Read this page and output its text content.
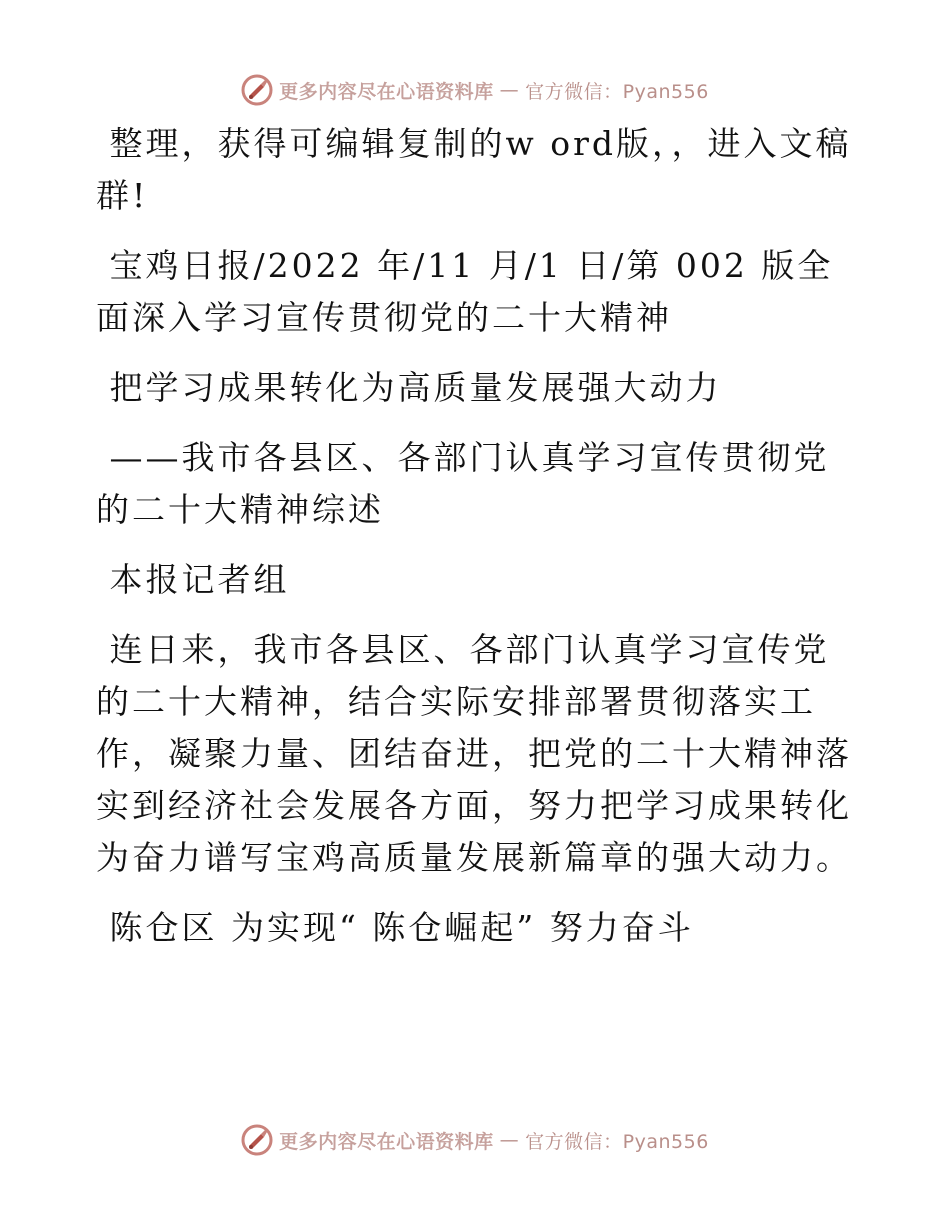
更多内容尽在心语资料库 — 官方微信：Pyan556

整理，获得可编辑复制的w ord版，，进入文稿群!

宝鸡日报/2022 年/11 月/1 日/第 002 版全面深入学习宣传贯彻党的二十大精神

把学习成果转化为高质量发展强大动力

——我市各县区、各部门认真学习宣传贯彻党的二十大精神综述

本报记者组

连日来，我市各县区、各部门认真学习宣传党的二十大精神，结合实际安排部署贯彻落实工作，凝聚力量、团结奋进，把党的二十大精神落实到经济社会发展各方面，努力把学习成果转化为奋力谱写宝鸡高质量发展新篇章的强大动力。

陈仓区 为实现“ 陈仓崛起” 努力奋斗

更多内容尽在心语资料库 — 官方微信：Pyan556
